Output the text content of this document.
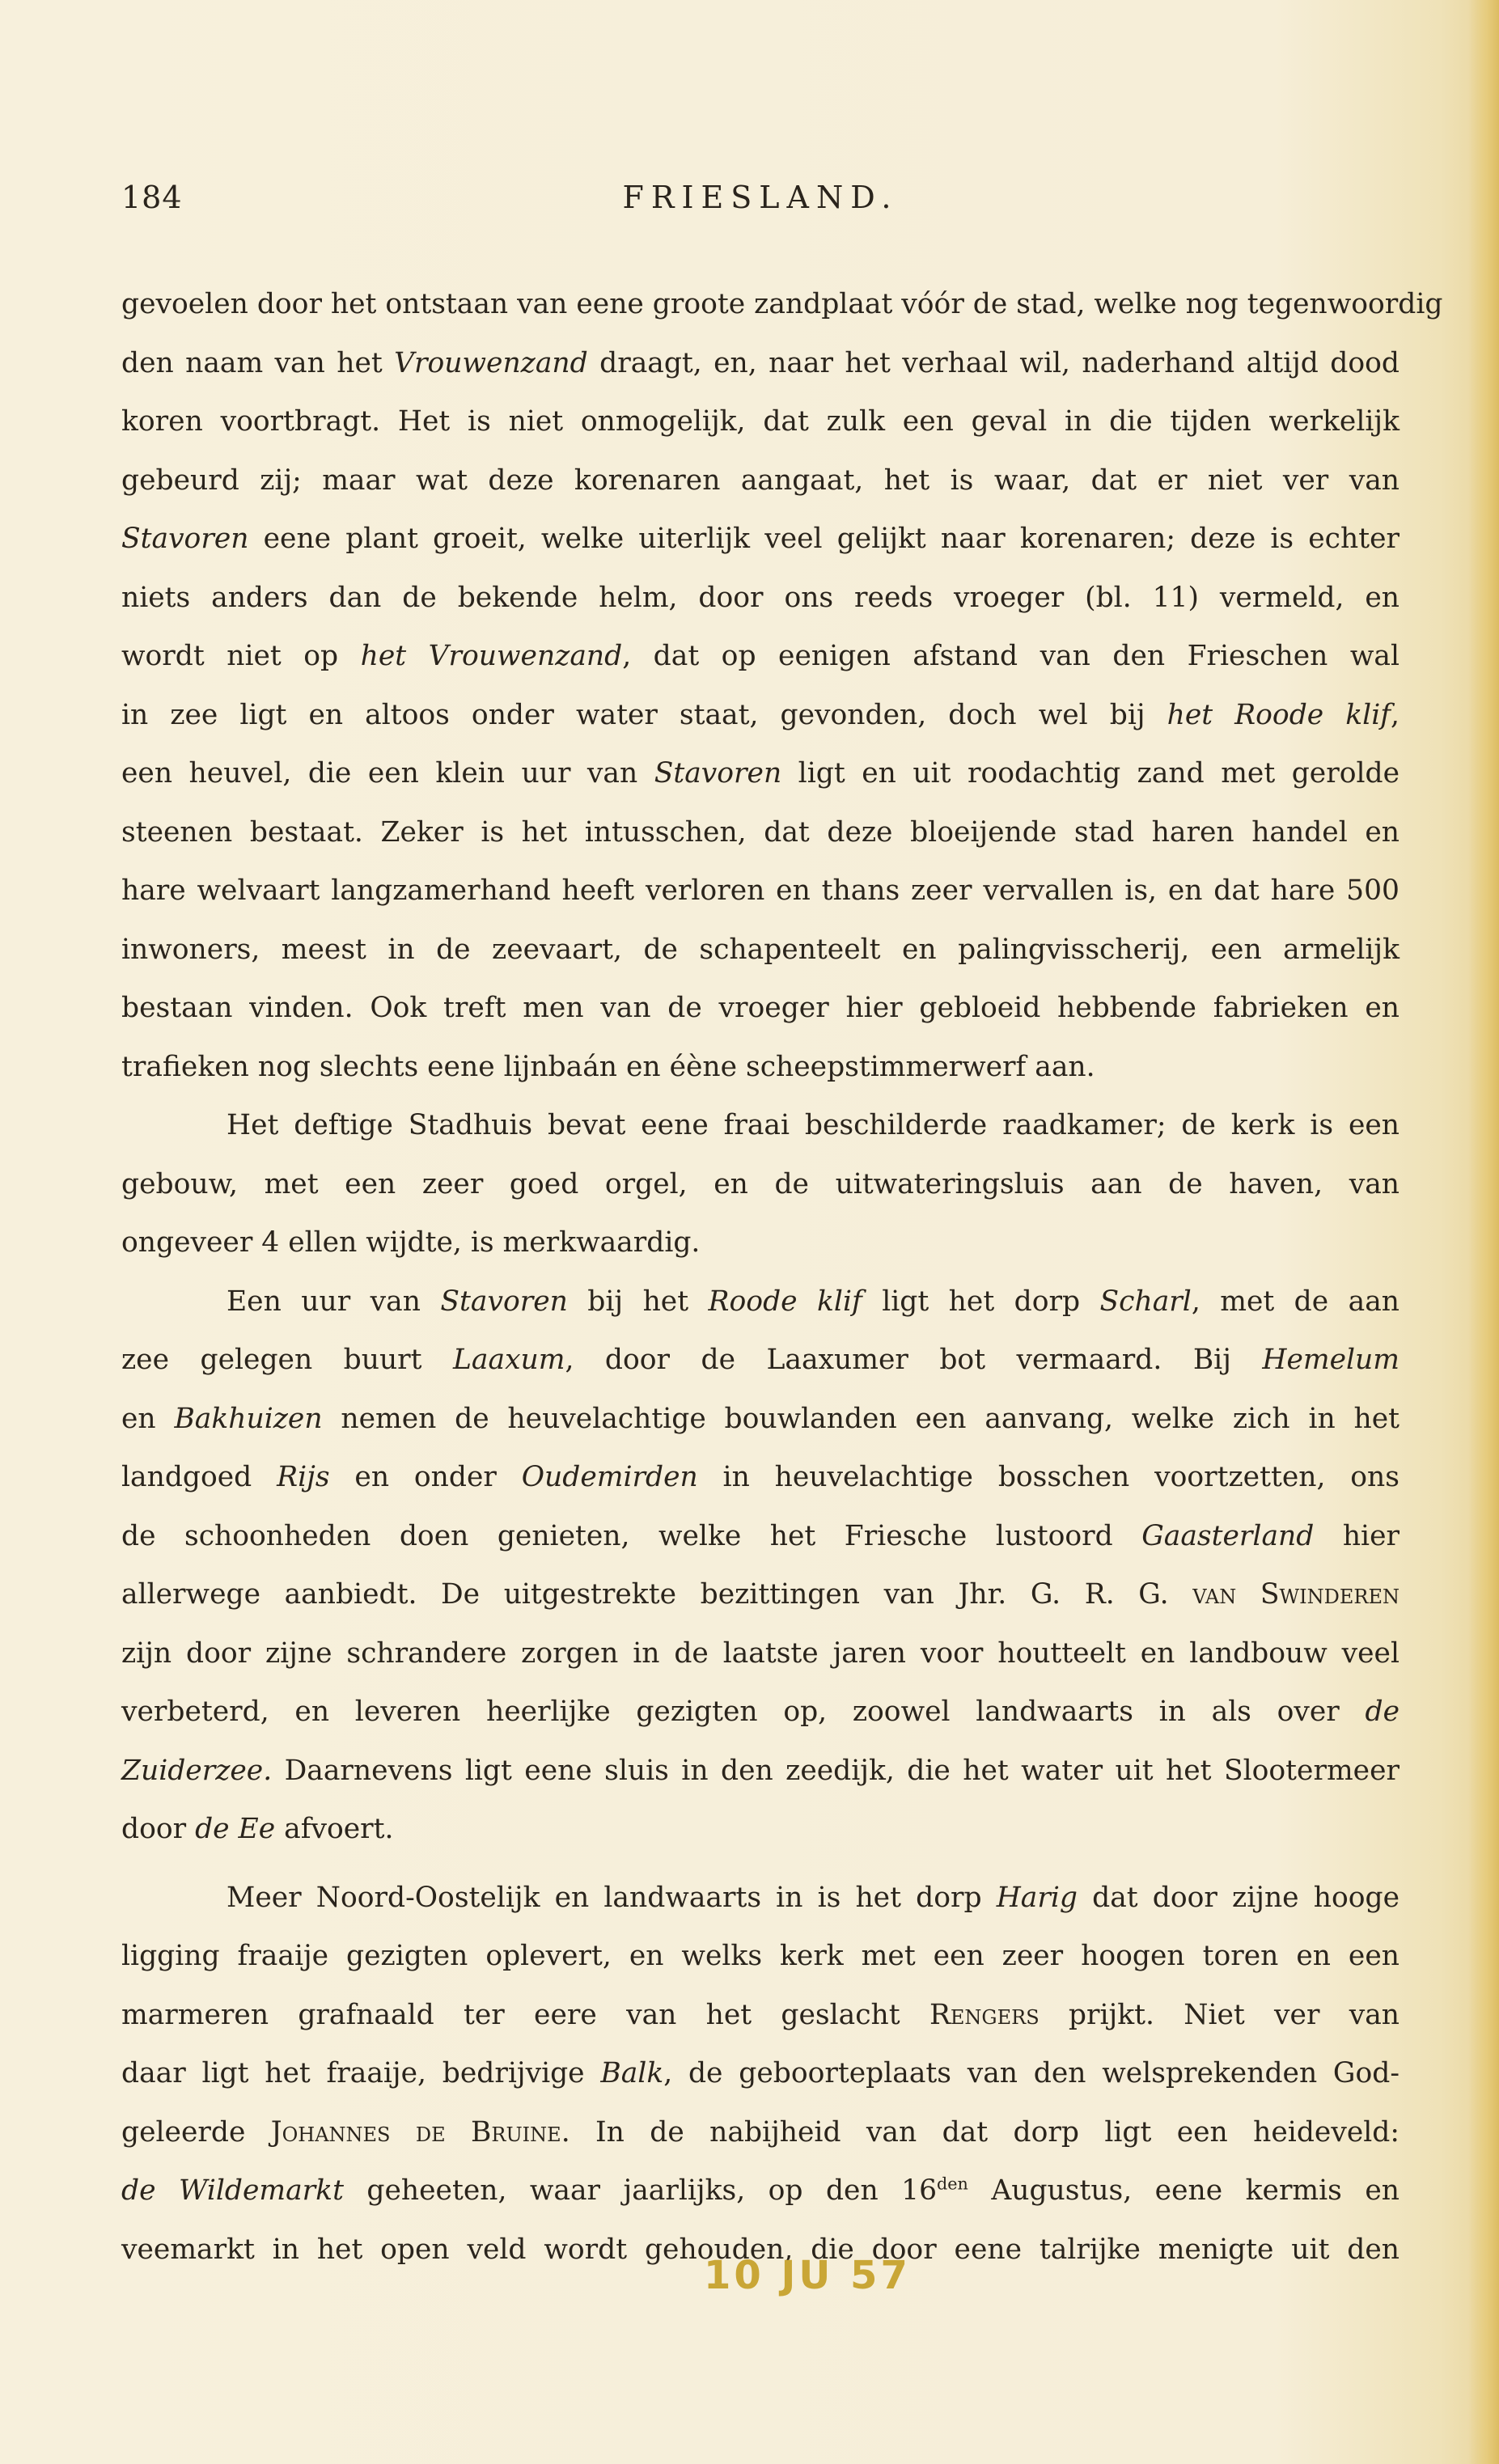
184	FRIESLAND.
gevoelen door het ontstaan van eene groote zandplaat vóór de stad, welke nog tegenwoordig
den naam van het Vrouwenzand draagt, en, naar het verhaal wil, naderhand altijd dood
koren voortbragt. Het is niet onmogelijk, dat zulk een geval in die tijden werkelijk
gebeurd zij; maar wat deze korenaren aangaat, het is waar, dat er niet ver van
Stavoren eene plant groeit, welke uiterlijk veel gelijkt naar korenaren; deze is echter
niets anders dan de bekende helm, door ons reeds vroeger (bl. 11) vermeld, en
wordt niet op het Vrouwenzand, dat op eenigen afstand van den Frieschen wal
in zee ligt en altoos onder water staat, gevonden, doch wel bij het Roode klif,
een heuvel, die een klein uur van Stavoren ligt en uit roodachtig zand met gerolde
steenen bestaat. Zeker is het intusschen, dat deze bloeijende stad haren handel en
hare welvaart langzamerhand heeft verloren en thans zeer vervallen is, en dat hare 500
inwoners, meest in de zeevaart, de schapenteelt en palingvisscherij, een armelijk
bestaan vinden. Ook treft men van de vroeger hier gebloeid hebbende fabrieken en
trafieken nog slechts eene lijnbaán en éène scheepstimmerwerf aan.
Het deftige Stadhuis bevat eene fraai beschilderde raadkamer; de kerk is een
gebouw, met een zeer goed orgel, en de uitwateringsluis aan de haven, van
ongeveer 4 ellen wijdte, is merkwaardig.
Een uur van Stavoren bij het Roode klif ligt het dorp Scharl, met de aan
zee gelegen buurt Laaxum, door de Laaxumer bot vermaard. Bij Hemelum
en Bakhuizen nemen de heuvelachtige bouwlanden een aanvang, welke zich in het
landgoed Rijs en onder Oudemirden in heuvelachtige bosschen voortzetten, ons
de schoonheden doen genieten, welke het Friesche lustoord Gaasterland hier
allerwege aanbiedt. De uitgestrekte bezittingen van Jhr. G. R. G. van Swinderen
zijn door zijne schrandere zorgen in de laatste jaren voor houtteelt en landbouw veel
verbeterd, en leveren heerlijke gezigten op, zoowel landwaarts in als over de
Zuiderzee. Daarnevens ligt eene sluis in den zeedijk, die het water uit het Slootermeer
door de Ee afvoert.
Meer Noord-Oostelijk en landwaarts in is het dorp Harig dat door zijne hooge
ligging fraaije gezigten oplevert, en welks kerk met een zeer hoogen toren en een
marmeren grafnaald ter eere van het geslacht Rengers prijkt. Niet ver van
daar ligt het fraaije, bedrijvige Balk, de geboorteplaats van den welsprekenden God-
geleerde Johannes de Bruine. In de nabijheid van dat dorp ligt een heideveld:
de Wildemarkt geheeten, waar jaarlijks, op den $16^{den}$ Augustus, eene kermis en
veemarkt in het open veld wordt gehouden, die door eene talrijke menigte uit den
10 JU 57
